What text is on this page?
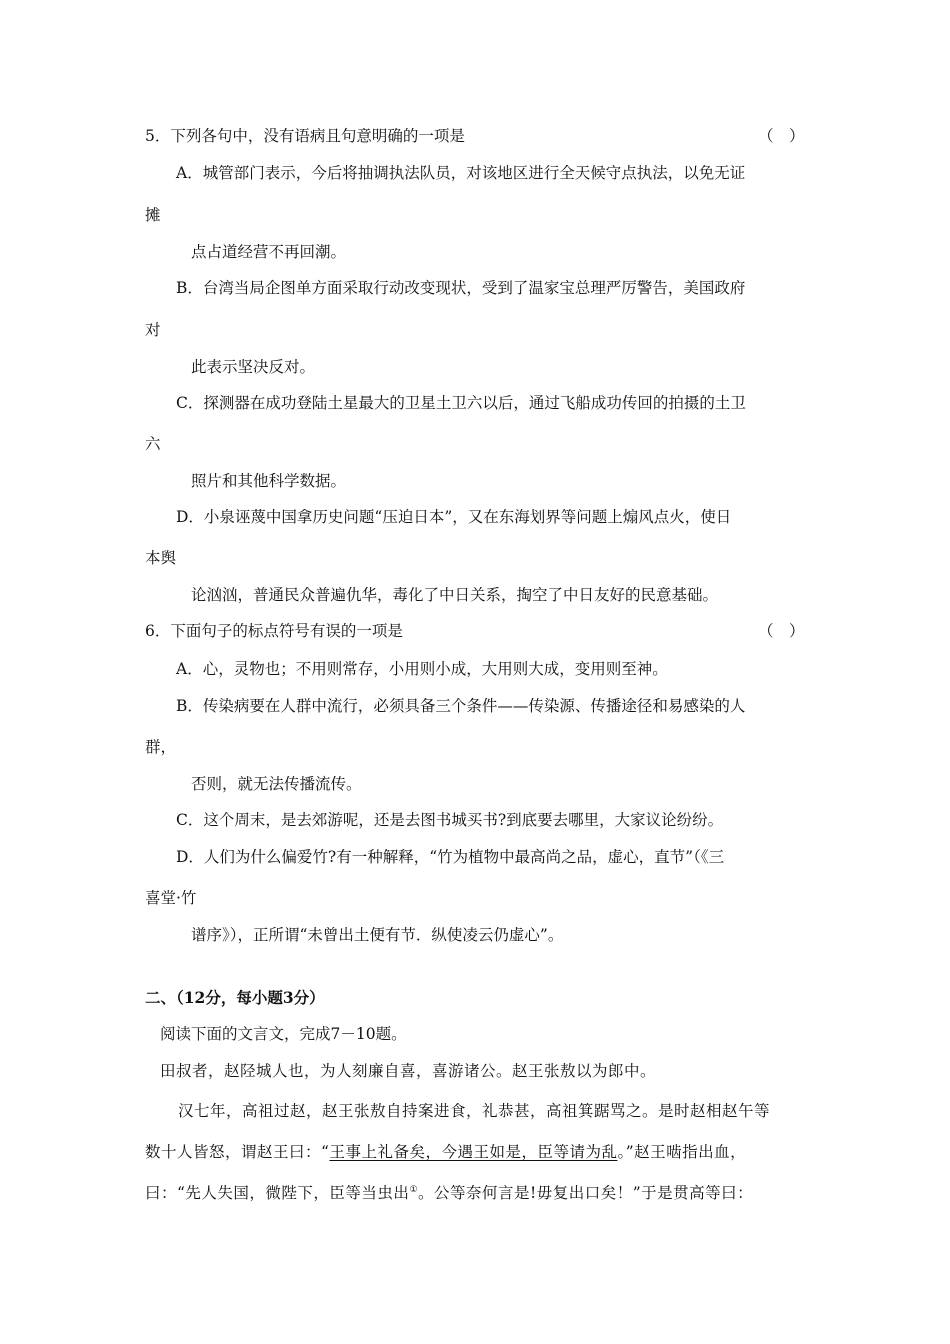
5．下列各句中，没有语病且句意明确的一项是	（　）
A．城管部门表示，今后将抽调执法队员，对该地区进行全天候守点执法，以免无证
摊
点占道经营不再回潮。
B．台湾当局企图单方面采取行动改变现状，受到了温家宝总理严厉警告，美国政府
对
此表示坚决反对。
C．探测器在成功登陆土星最大的卫星土卫六以后，通过飞船成功传回的拍摄的土卫
六
照片和其他科学数据。
D．小泉诬蔑中国拿历史问题“压迫日本”，又在东海划界等问题上煽风点火，使日
本舆
论汹汹，普通民众普遍仇华，毒化了中日关系，掏空了中日友好的民意基础。
6．下面句子的标点符号有误的一项是	（　）
A．心，灵物也；不用则常存，小用则小成，大用则大成，变用则至神。
B．传染病要在人群中流行，必须具备三个条件——传染源、传播途径和易感染的人
群，
否则，就无法传播流传。
C．这个周末，是去郊游呢，还是去图书城买书?到底要去哪里，大家议论纷纷。
D．人们为什么偏爱竹?有一种解释，“竹为植物中最高尚之品，虚心，直节”（《三
喜堂·竹
谱序》），正所谓“未曾出土便有节．纵使凌云仍虚心”。
二、（12分，每小题3分）
阅读下面的文言文，完成7－10题。
田叔者，赵陉城人也，为人刻廉自喜，喜游诸公。赵王张敖以为郎中。
汉七年，高祖过赵，赵王张敖自持案进食，礼恭甚，高祖箕踞骂之。是时赵相赵午等
数十人皆怒，谓赵王曰：“王事上礼备矣，今遇王如是，臣等请为乱。”赵王啮指出血，
曰：“先人失国，微陛下，臣等当虫出①。公等奈何言是!毋复出口矣！”于是贯高等曰：
